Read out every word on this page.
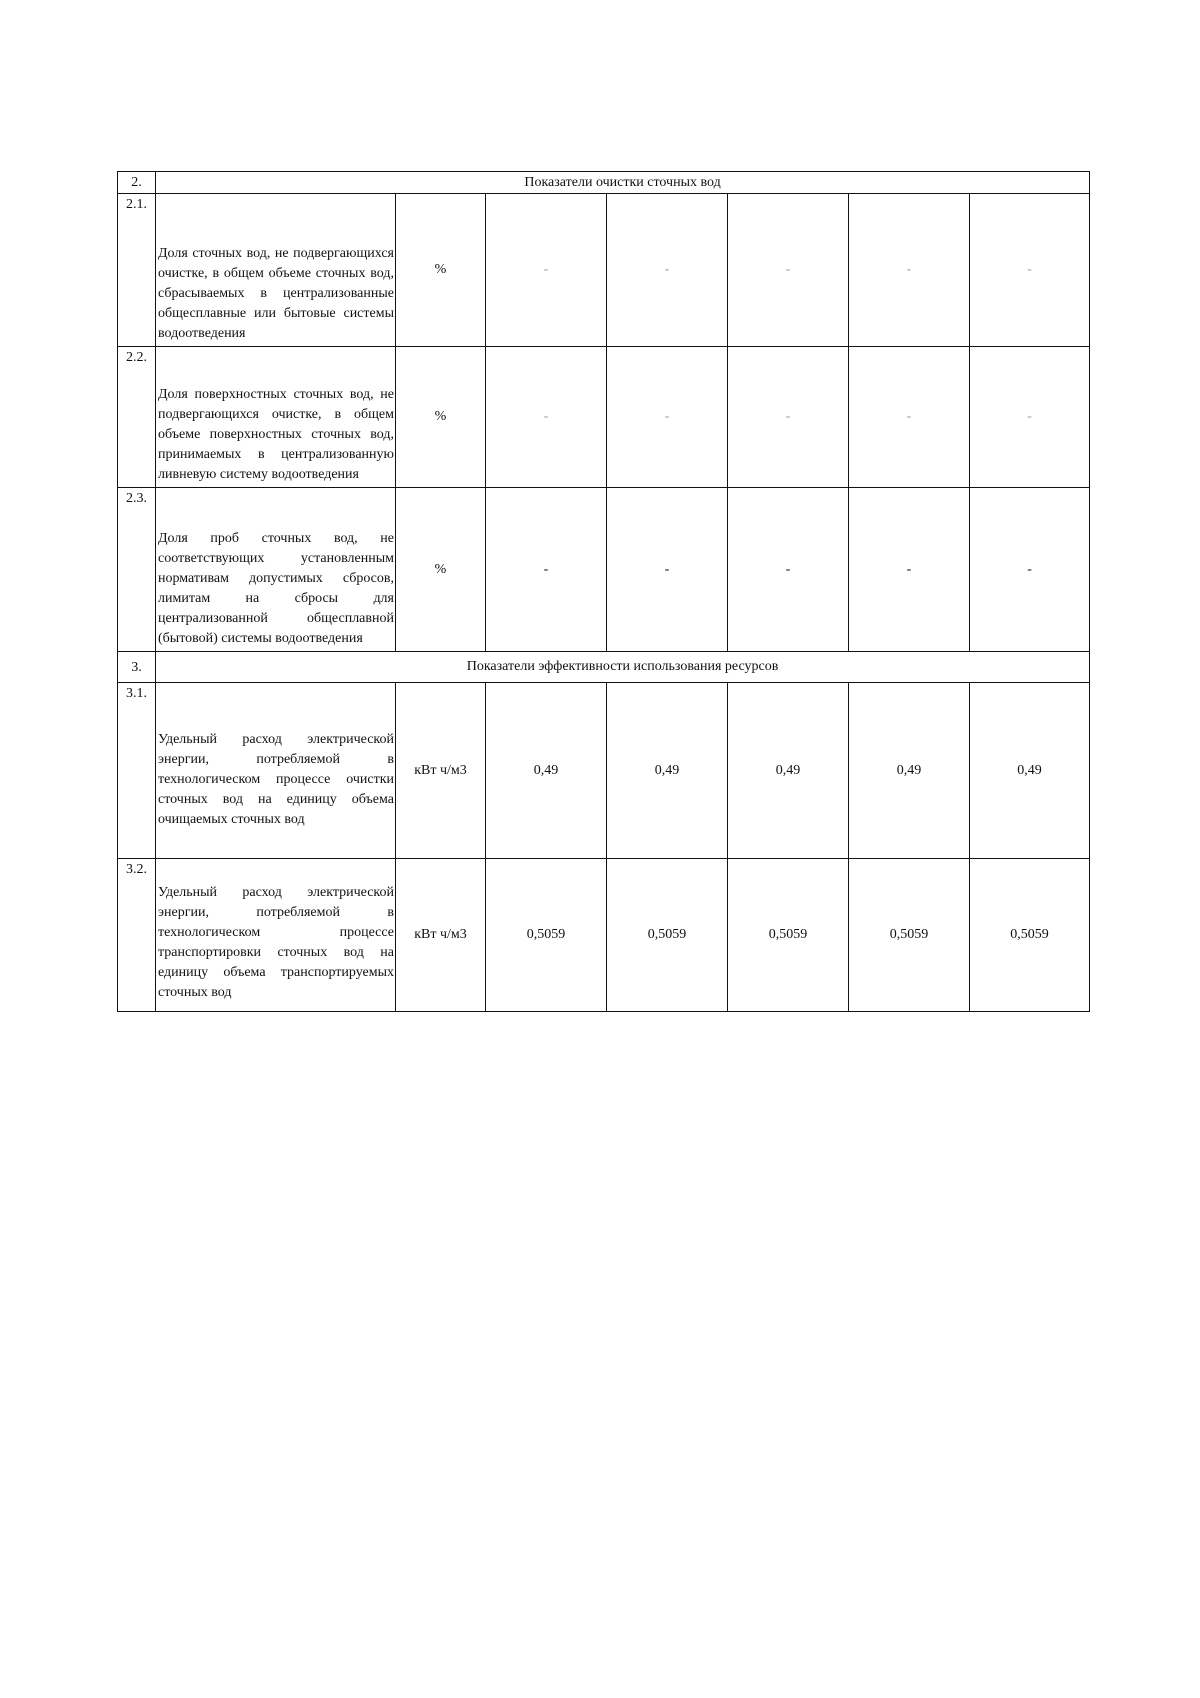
2.	Показатели очистки сточных вод						
2.1.	Доля сточных вод, не подвергающихся очистке, в общем объеме сточных вод, сбрасываемых в централизованные общесплавные или бытовые системы водоотведения	%	-	-	-	-	-
2.2.	Доля поверхностных сточных вод, не подвергающихся очистке, в общем объеме поверхностных сточных вод, принимаемых в централизованную ливневую систему водоотведения	%	-	-	-	-	-
2.3.	Доля проб сточных вод, не соответствующих установленным нормативам допустимых сбросов, лимитам на сбросы для централизованной общесплавной (бытовой) системы водоотведения	%	-	-	-	-	-
3.	Показатели эффективности использования ресурсов						
3.1.	Удельный расход электрической энергии, потребляемой в технологическом процессе очистки сточных вод на единицу объема очищаемых сточных вод	кВт ч/м3	0,49	0,49	0,49	0,49	0,49
3.2.	Удельный расход электрической энергии, потребляемой в технологическом процессе транспортировки сточных вод на единицу объема транспортируемых сточных вод	кВт ч/м3	0,5059	0,5059	0,5059	0,5059	0,5059
